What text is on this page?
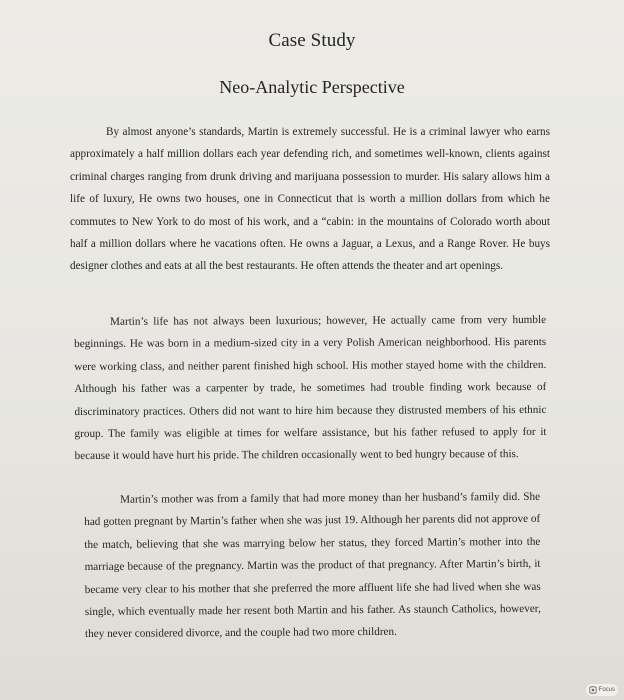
Case Study
Neo-Analytic Perspective

By almost anyone’s standards, Martin is extremely successful. He is a criminal lawyer who earns approximately a half million dollars each year defending rich, and sometimes well-known, clients against criminal charges ranging from drunk driving and marijuana possession to murder. His salary allows him a life of luxury, He owns two houses, one in Connecticut that is worth a million dollars from which he commutes to New York to do most of his work, and a “cabin: in the mountains of Colorado worth about half a million dollars where he vacations often. He owns a Jaguar, a Lexus, and a Range Rover. He buys designer clothes and eats at all the best restaurants. He often attends the theater and art openings.

Martin’s life has not always been luxurious; however, He actually came from very humble beginnings. He was born in a medium-sized city in a very Polish American neighborhood. His parents were working class, and neither parent finished high school. His mother stayed home with the children. Although his father was a carpenter by trade, he sometimes had trouble finding work because of discriminatory practices. Others did not want to hire him because they distrusted members of his ethnic group. The family was eligible at times for welfare assistance, but his father refused to apply for it because it would have hurt his pride. The children occasionally went to bed hungry because of this.

Martin’s mother was from a family that had more money than her husband’s family did. She had gotten pregnant by Martin’s father when she was just 19. Although her parents did not approve of the match, believing that she was marrying below her status, they forced Martin’s mother into the marriage because of the pregnancy. Martin was the product of that pregnancy. After Martin’s birth, it became very clear to his mother that she preferred the more affluent life she had lived when she was single, which eventually made her resent both Martin and his father. As staunch Catholics, however, they never considered divorce, and the couple had two more children.

Focus
